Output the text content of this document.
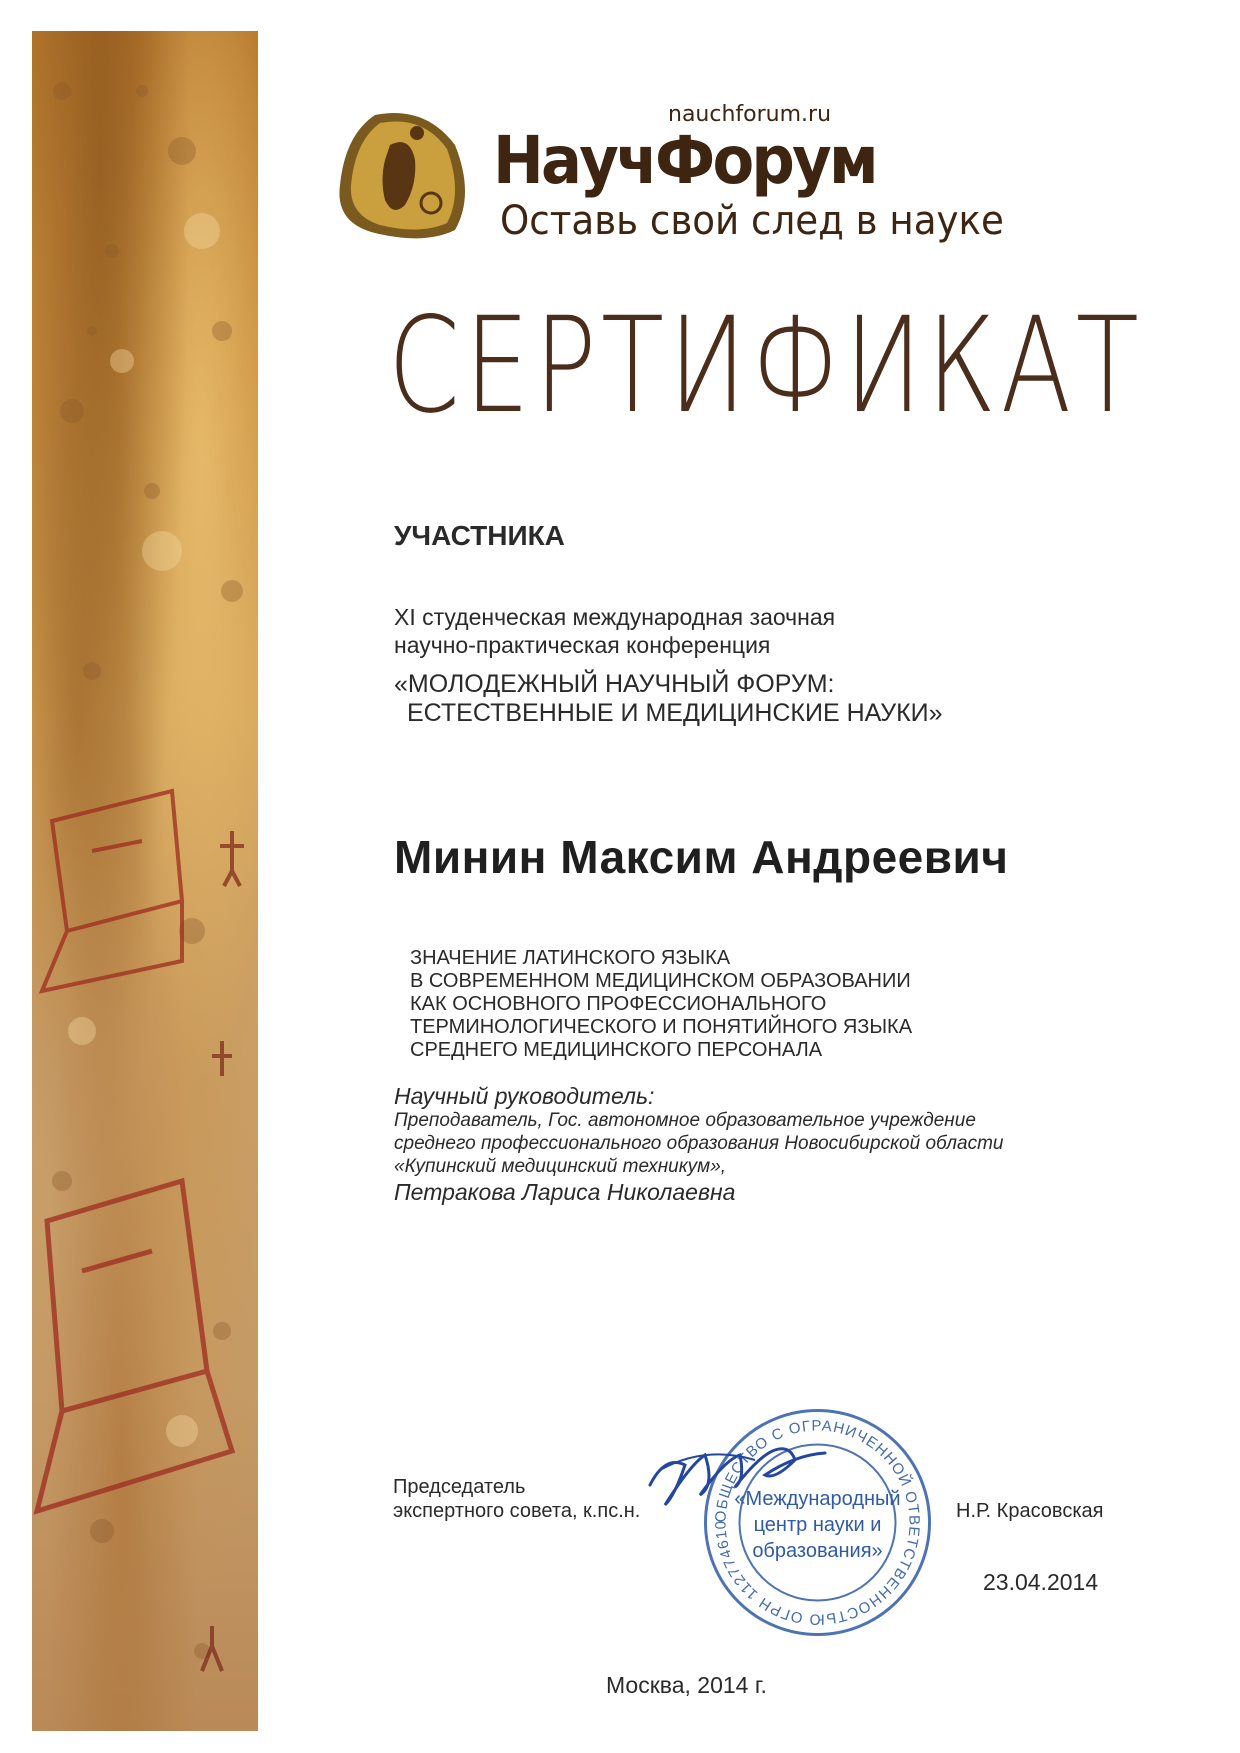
nauchforum.ru
НаучФорум
Оставь свой след в науке
СЕРТИФИКАТ
УЧАСТНИКА
XI студенческая международная заочная
научно-практическая конференция
«МОЛОДЕЖНЫЙ НАУЧНЫЙ ФОРУМ:
ЕСТЕСТВЕННЫЕ И МЕДИЦИНСКИЕ НАУКИ»
Минин Максим Андреевич
ЗНАЧЕНИЕ ЛАТИНСКОГО ЯЗЫКА
В СОВРЕМЕННОМ МЕДИЦИНСКОМ ОБРАЗОВАНИИ
КАК ОСНОВНОГО ПРОФЕССИОНАЛЬНОГО
ТЕРМИНОЛОГИЧЕСКОГО И ПОНЯТИЙНОГО ЯЗЫКА
СРЕДНЕГО МЕДИЦИНСКОГО ПЕРСОНАЛА
Научный руководитель:
Преподаватель, Гос. автономное образовательное учреждение
среднего профессионального образования Новосибирской области
«Купинский медицинский техникум»,
Петракова Лариса Николаевна
Председатель
экспертного совета, к.пс.н.	Н.Р. Красовская
ОБЩЕСТВО С ОГРАНИЧЕННОЙ ОТВЕТСТВЕННОСТЬЮ ОГРН 112774610
«Международный
центр науки и
образования»
23.04.2014
Москва, 2014 г.
